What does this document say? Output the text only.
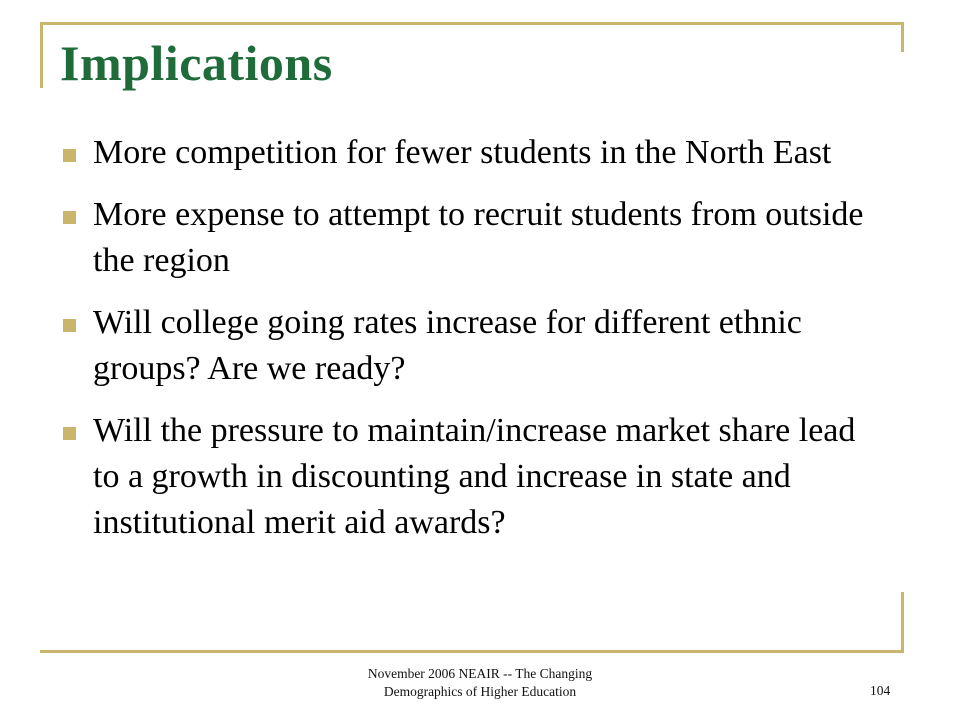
Implications
More competition for fewer students in the North East
More expense to attempt to recruit students from outside the region
Will college going rates increase for different ethnic groups? Are we ready?
Will the pressure to maintain/increase market share lead to a growth in discounting and increase in state and institutional merit aid awards?
November 2006 NEAIR -- The Changing
Demographics of Higher Education	104
